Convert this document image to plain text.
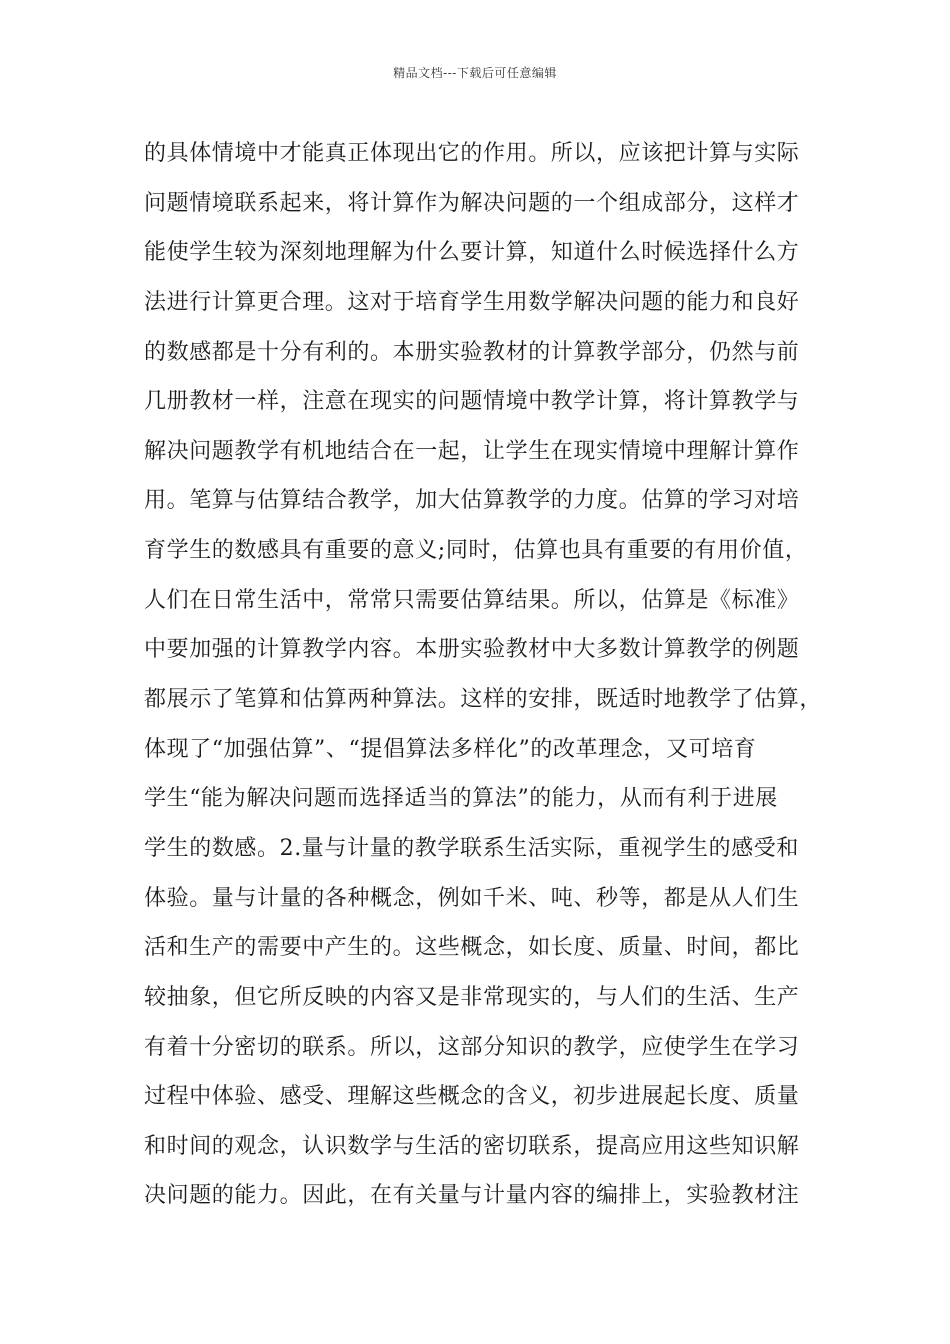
精品文档---下载后可任意编辑
的具体情境中才能真正体现出它的作用。所以，应该把计算与实际
问题情境联系起来，将计算作为解决问题的一个组成部分，这样才
能使学生较为深刻地理解为什么要计算，知道什么时候选择什么方
法进行计算更合理。这对于培育学生用数学解决问题的能力和良好
的数感都是十分有利的。本册实验教材的计算教学部分，仍然与前
几册教材一样，注意在现实的问题情境中教学计算，将计算教学与
解决问题教学有机地结合在一起，让学生在现实情境中理解计算作
用。笔算与估算结合教学，加大估算教学的力度。估算的学习对培
育学生的数感具有重要的意义;同时，估算也具有重要的有用价值，
人们在日常生活中，常常只需要估算结果。所以，估算是《标准》
中要加强的计算教学内容。本册实验教材中大多数计算教学的例题
都展示了笔算和估算两种算法。这样的安排，既适时地教学了估算，
体现了“加强估算”、“提倡算法多样化”的改革理念，又可培育
学生“能为解决问题而选择适当的算法”的能力，从而有利于进展
学生的数感。2.量与计量的教学联系生活实际，重视学生的感受和
体验。量与计量的各种概念，例如千米、吨、秒等，都是从人们生
活和生产的需要中产生的。这些概念，如长度、质量、时间，都比
较抽象，但它所反映的内容又是非常现实的，与人们的生活、生产
有着十分密切的联系。所以，这部分知识的教学，应使学生在学习
过程中体验、感受、理解这些概念的含义，初步进展起长度、质量
和时间的观念，认识数学与生活的密切联系，提高应用这些知识解
决问题的能力。因此，在有关量与计量内容的编排上，实验教材注
